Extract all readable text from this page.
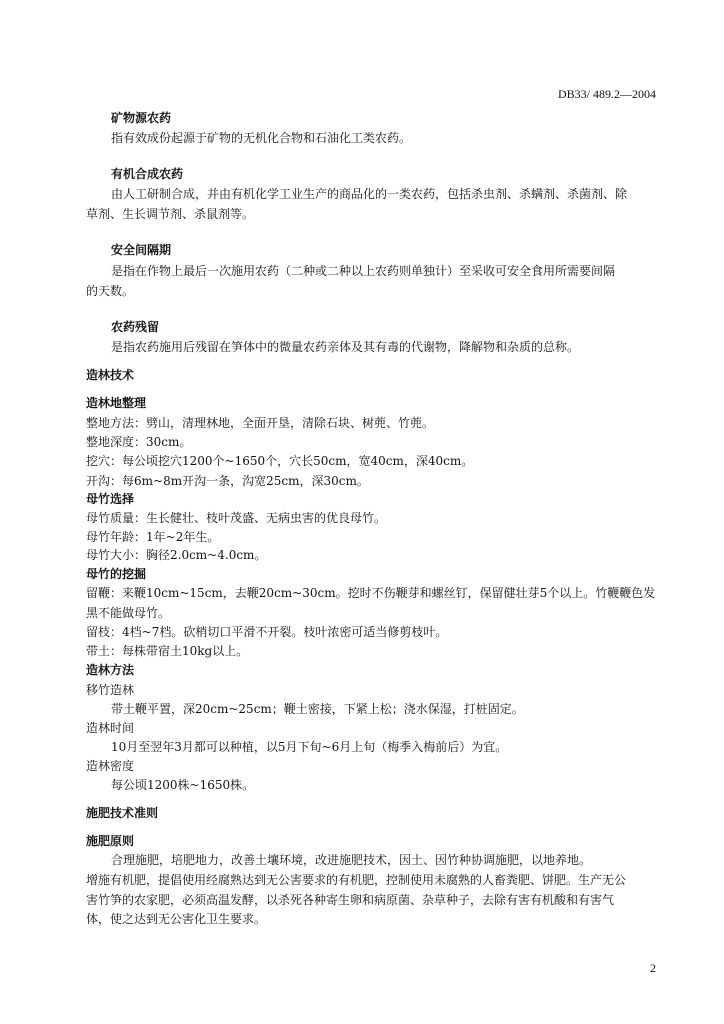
DB33/ 489.2—2004
矿物源农药
指有效成份起源于矿物的无机化合物和石油化工类农药。
有机合成农药
由人工研制合成，并由有机化学工业生产的商品化的一类农药，包括杀虫剂、杀螨剂、杀菌剂、除
草剂、生长调节剂、杀鼠剂等。
安全间隔期
是指在作物上最后一次施用农药（二种或二种以上农药则单独计）至采收可安全食用所需要间隔
的天数。
农药残留
是指农药施用后残留在笋体中的微量农药亲体及其有毒的代谢物，降解物和杂质的总称。
造林技术
造林地整理
整地方法：劈山，清理林地，全面开垦，清除石块、树蔸、竹蔸。
整地深度：30cm。
挖穴：每公顷挖穴1200个~1650个，穴长50cm，宽40cm，深40cm。
开沟：每6m~8m开沟一条，沟宽25cm，深30cm。
母竹选择
母竹质量：生长健壮、枝叶茂盛、无病虫害的优良母竹。
母竹年龄：1年~2年生。
母竹大小：胸径2.0cm~4.0cm。
母竹的挖掘
留鞭：来鞭10cm~15cm，去鞭20cm~30cm。挖时不伤鞭芽和螺丝钉，保留健壮芽5个以上。竹鞭鞭色发
黑不能做母竹。
留枝：4档~7档。砍梢切口平滑不开裂。枝叶浓密可适当修剪枝叶。
带土：每株带宿土10kg以上。
造林方法
移竹造林
带土鞭平置，深20cm~25cm；鞭土密接，下紧上松；浇水保湿，打桩固定。
造林时间
10月至翌年3月都可以种植，以5月下旬~6月上旬（梅季入梅前后）为宜。
造林密度
每公顷1200株~1650株。
施肥技术准则
施肥原则
合理施肥，培肥地力，改善土壤环境，改进施肥技术，因土、因竹种协调施肥，以地养地。
增施有机肥，提倡使用经腐熟达到无公害要求的有机肥，控制使用未腐熟的人畜粪肥、饼肥。生产无公
害竹笋的农家肥，必须高温发酵，以杀死各种寄生卵和病原菌、杂草种子，去除有害有机酸和有害气
体，使之达到无公害化卫生要求。
2
